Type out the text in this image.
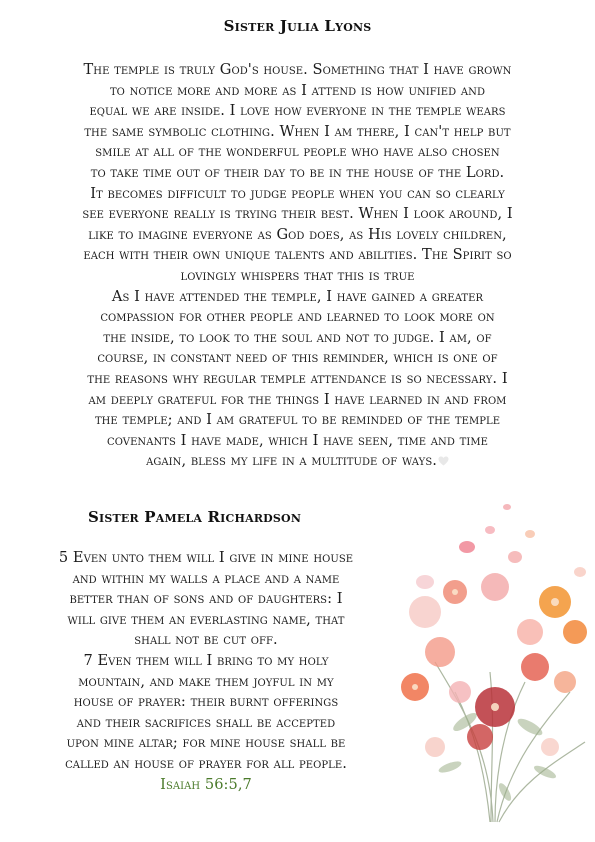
Sister Julia Lyons
The temple is truly God's house. Something that I have grown
to notice more and more as I attend is how unified and
equal we are inside. I love how everyone in the temple wears
the same symbolic clothing. When I am there, I can't help but
smile at all of the wonderful people who have also chosen
to take time out of their day to be in the house of the Lord.
It becomes difficult to judge people when you can so clearly
see everyone really is trying their best. When I look around, I
like to imagine everyone as God does, as His lovely children,
each with their own unique talents and abilities. The Spirit so
lovingly whispers that this is true
As I have attended the temple, I have gained a greater
compassion for other people and learned to look more on
the inside, to look to the soul and not to judge. I am, of
course, in constant need of this reminder, which is one of
the reasons why regular temple attendance is so necessary. I
am deeply grateful for the things I have learned in and from
the temple; and I am grateful to be reminded of the temple
covenants I have made, which I have seen, time and time
again, bless my life in a multitude of ways.
Sister Pamela Richardson
5 Even unto them will I give in mine house
and within my walls a place and a name
better than of sons and of daughters: I
will give them an everlasting name, that
shall not be cut off.
7 Even them will I bring to my holy
mountain, and make them joyful in my
house of prayer: their burnt offerings
and their sacrifices shall be accepted
upon mine altar; for mine house shall be
called an house of prayer for all people.
Isaiah 56:5,7
